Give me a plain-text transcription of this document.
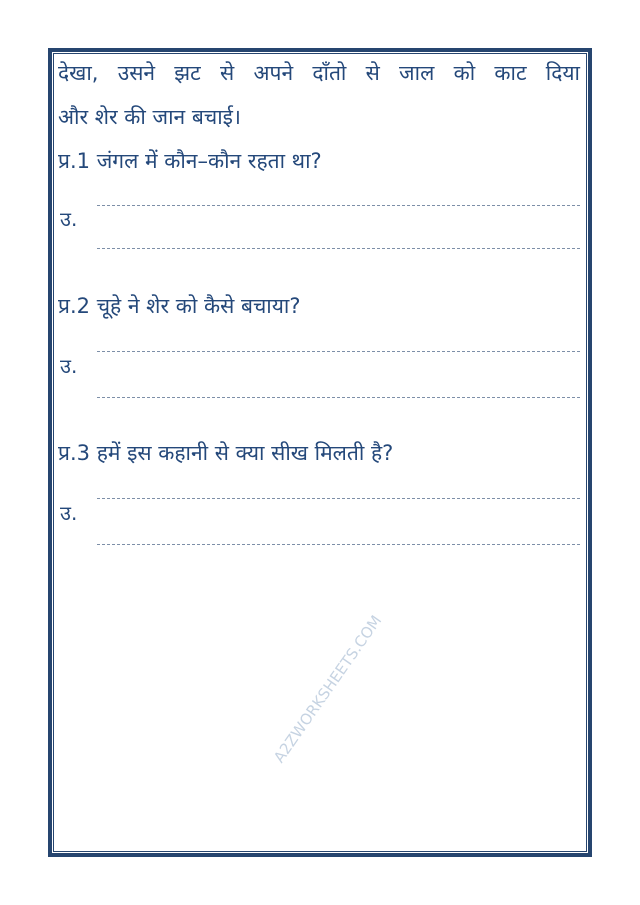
देखा, उसने झट से अपने दाँतो से जाल को काट दिया
और शेर की जान बचाई।
प्र.1 जंगल में कौन–कौन रहता था?
उ.
प्र.2 चूहे ने शेर को कैसे बचाया?
उ.
प्र.3 हमें इस कहानी से क्या सीख मिलती है?
उ.
A2ZWORKSHEETS.COM
